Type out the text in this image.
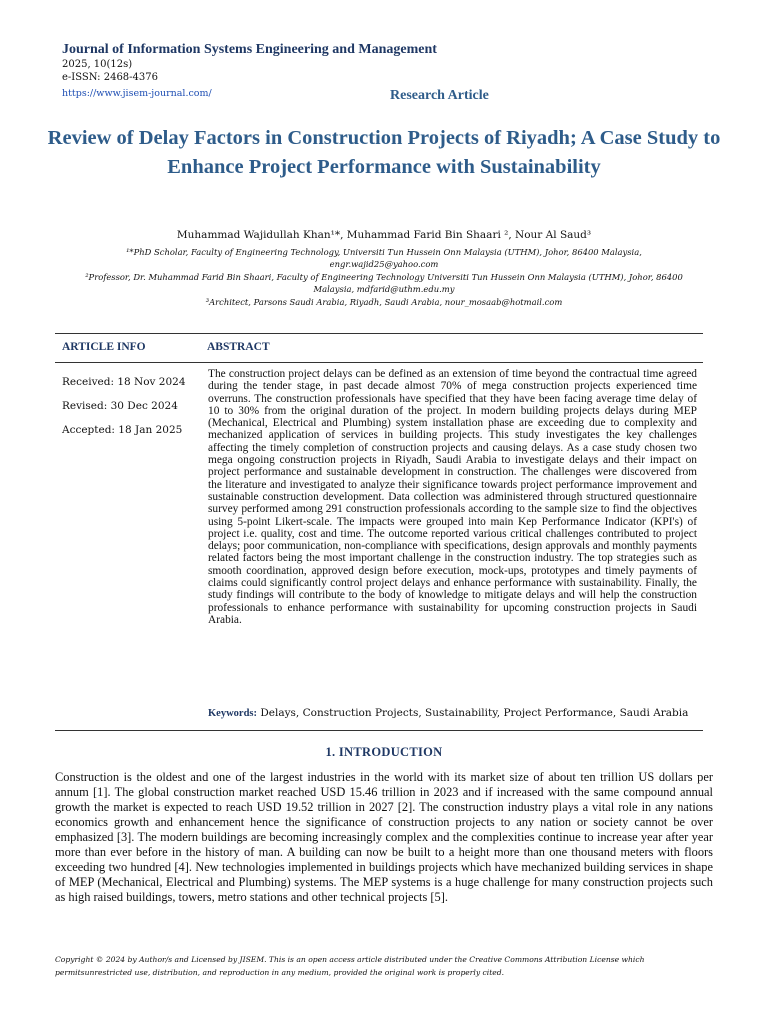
Journal of Information Systems Engineering and Management
2025, 10(12s)
e-ISSN: 2468-4376
https://www.jisem-journal.com/	Research Article
Review of Delay Factors in Construction Projects of Riyadh; A Case Study to Enhance Project Performance with Sustainability
Muhammad Wajidullah Khan¹*, Muhammad Farid Bin Shaari ², Nour Al Saud³
¹*PhD Scholar, Faculty of Engineering Technology, Universiti Tun Hussein Onn Malaysia (UTHM), Johor, 86400 Malaysia, engr.wajid25@yahoo.com
²Professor, Dr. Muhammad Farid Bin Shaari, Faculty of Engineering Technology Universiti Tun Hussein Onn Malaysia (UTHM), Johor, 86400 Malaysia, mdfarid@uthm.edu.my
³Architect, Parsons Saudi Arabia, Riyadh, Saudi Arabia, nour_mosaab@hotmail.com
ARTICLE INFO	ABSTRACT
Received: 18 Nov 2024
Revised: 30 Dec 2024
Accepted: 18 Jan 2025
The construction project delays can be defined as an extension of time beyond the contractual time agreed during the tender stage, in past decade almost 70% of mega construction projects experienced time overruns. The construction professionals have specified that they have been facing average time delay of 10 to 30% from the original duration of the project. In modern building projects delays during MEP (Mechanical, Electrical and Plumbing) system installation phase are exceeding due to complexity and mechanized application of services in building projects. This study investigates the key challenges affecting the timely completion of construction projects and causing delays. As a case study chosen two mega ongoing construction projects in Riyadh, Saudi Arabia to investigate delays and their impact on project performance and sustainable development in construction. The challenges were discovered from the literature and investigated to analyze their significance towards project performance improvement and sustainable construction development. Data collection was administered through structured questionnaire survey performed among 291 construction professionals according to the sample size to find the objectives using 5-point Likert-scale. The impacts were grouped into main Kep Performance Indicator (KPI's) of project i.e. quality, cost and time. The outcome reported various critical challenges contributed to project delays; poor communication, non-compliance with specifications, design approvals and monthly payments related factors being the most important challenge in the construction industry. The top strategies such as smooth coordination, approved design before execution, mock-ups, prototypes and timely payments of claims could significantly control project delays and enhance performance with sustainability. Finally, the study findings will contribute to the body of knowledge to mitigate delays and will help the construction professionals to enhance performance with sustainability for upcoming construction projects in Saudi Arabia.
Keywords: Delays, Construction Projects, Sustainability, Project Performance, Saudi Arabia
1. INTRODUCTION
Construction is the oldest and one of the largest industries in the world with its market size of about ten trillion US dollars per annum [1]. The global construction market reached USD 15.46 trillion in 2023 and if increased with the same compound annual growth the market is expected to reach USD 19.52 trillion in 2027 [2]. The construction industry plays a vital role in any nations economics growth and enhancement hence the significance of construction projects to any nation or society cannot be over emphasized [3]. The modern buildings are becoming increasingly complex and the complexities continue to increase year after year more than ever before in the history of man. A building can now be built to a height more than one thousand meters with floors exceeding two hundred [4]. New technologies implemented in buildings projects which have mechanized building services in shape of MEP (Mechanical, Electrical and Plumbing) systems. The MEP systems is a huge challenge for many construction projects such as high raised buildings, towers, metro stations and other technical projects [5].
Copyright © 2024 by Author/s and Licensed by JISEM. This is an open access article distributed under the Creative Commons Attribution License which permitsunrestricted use, distribution, and reproduction in any medium, provided the original work is properly cited.
